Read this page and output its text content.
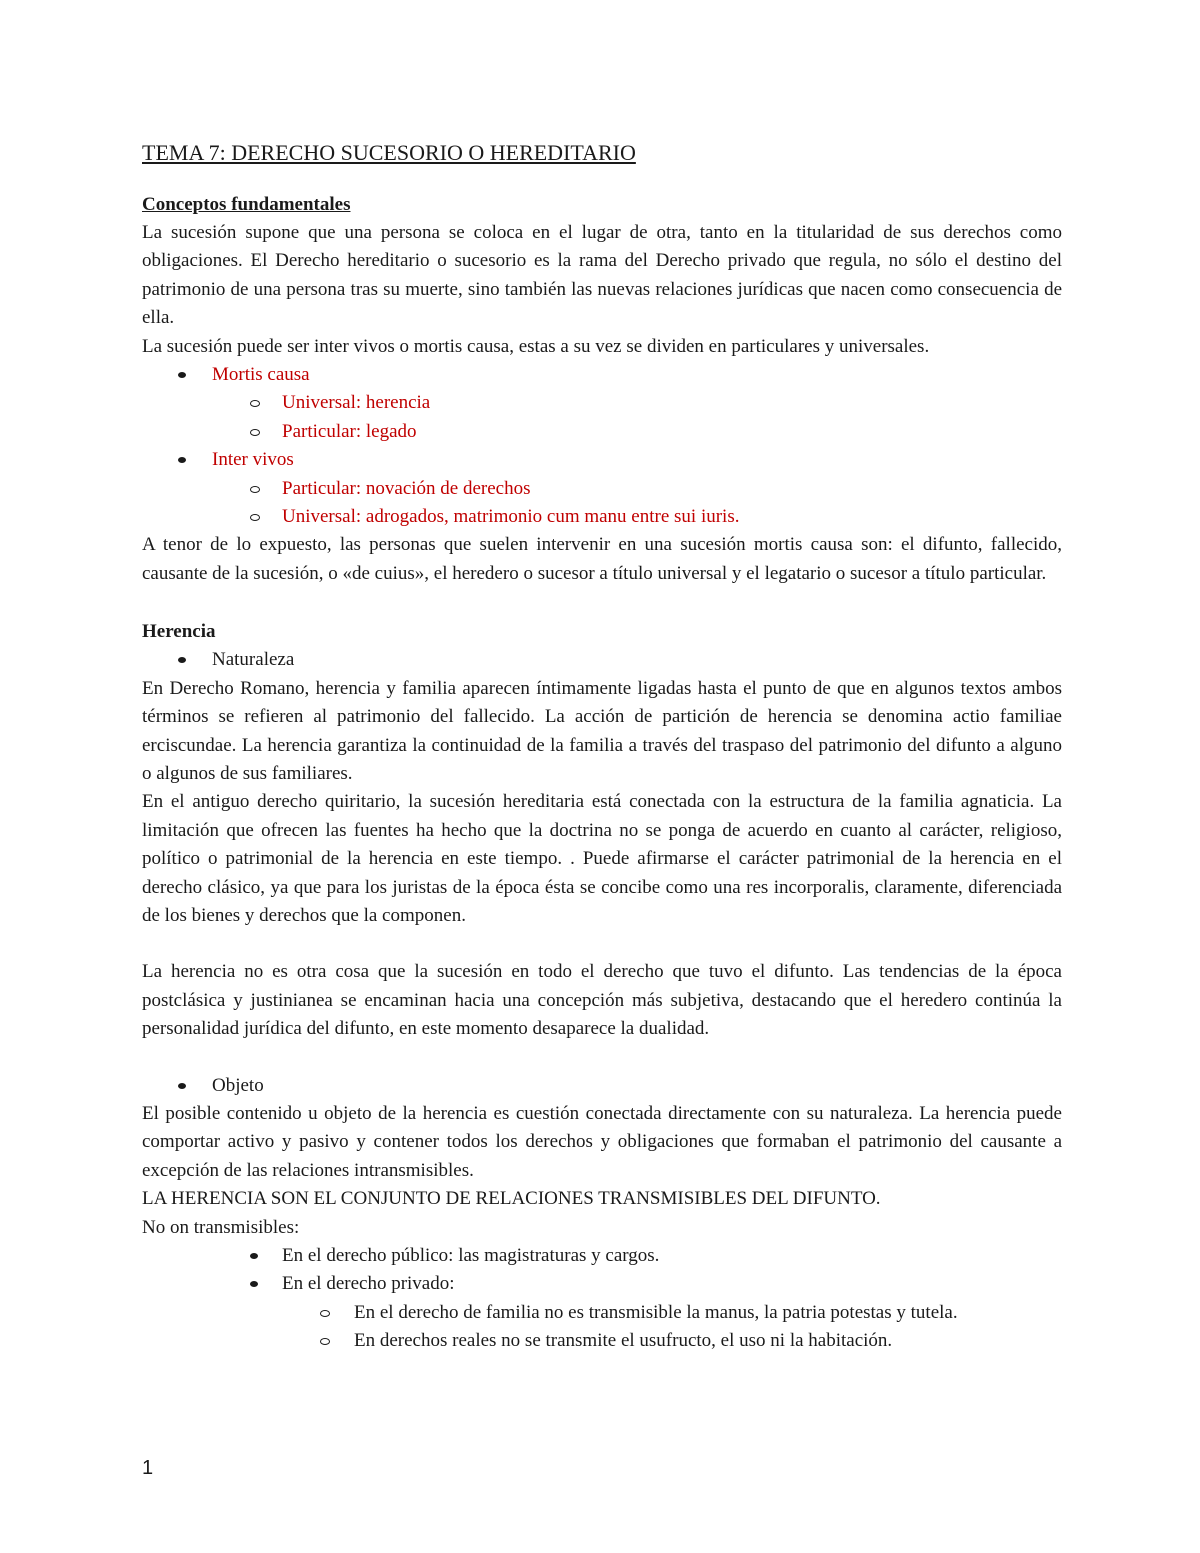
TEMA 7: DERECHO SUCESORIO O HEREDITARIO
Conceptos fundamentales

La sucesión supone que una persona se coloca en el lugar de otra, tanto en la titularidad de sus derechos como obligaciones. El Derecho hereditario o sucesorio es la rama del Derecho privado que regula, no sólo el destino del patrimonio de una persona tras su muerte, sino también las nuevas relaciones jurídicas que nacen como consecuencia de ella.

La sucesión puede ser inter vivos o mortis causa, estas a su vez se dividen en particulares y universales.

Mortis causa
Universal: herencia
Particular: legado
Inter vivos
Particular: novación de derechos
Universal: adrogados, matrimonio cum manu entre sui iuris.

A tenor de lo expuesto, las personas que suelen intervenir en una sucesión mortis causa son: el difunto, fallecido, causante de la sucesión, o «de cuius», el heredero o sucesor a título universal y el legatario o sucesor a título particular.

Herencia
Naturaleza

En Derecho Romano, herencia y familia aparecen íntimamente ligadas hasta el punto de que en algunos textos ambos términos se refieren al patrimonio del fallecido. La acción de partición de herencia se denomina actio familiae erciscundae. La herencia garantiza la continuidad de la familia a través del traspaso del patrimonio del difunto a alguno o algunos de sus familiares.

En el antiguo derecho quiritario, la sucesión hereditaria está conectada con la estructura de la familia agnaticia. La limitación que ofrecen las fuentes ha hecho que la doctrina no se ponga de acuerdo en cuanto al carácter, religioso, político o patrimonial de la herencia en este tiempo. . Puede afirmarse el carácter patrimonial de la herencia en el derecho clásico, ya que para los juristas de la época ésta se concibe como una res incorporalis, claramente, diferenciada de los bienes y derechos que la componen.

La herencia no es otra cosa que la sucesión en todo el derecho que tuvo el difunto. Las tendencias de la época postclásica y justinianea se encaminan hacia una concepción más subjetiva, destacando que el heredero continúa la personalidad jurídica del difunto, en este momento desaparece la dualidad.

Objeto

El posible contenido u objeto de la herencia es cuestión conectada directamente con su naturaleza. La herencia puede comportar activo y pasivo y contener todos los derechos y obligaciones que formaban el patrimonio del causante a excepción de las relaciones intransmisibles.

LA HERENCIA SON EL CONJUNTO DE RELACIONES TRANSMISIBLES DEL DIFUNTO.

No on transmisibles:

En el derecho público: las magistraturas y cargos.
En el derecho privado:
En el derecho de familia no es transmisible la manus, la patria potestas y tutela.
En derechos reales no se transmite el usufructo, el uso ni la habitación.
1
